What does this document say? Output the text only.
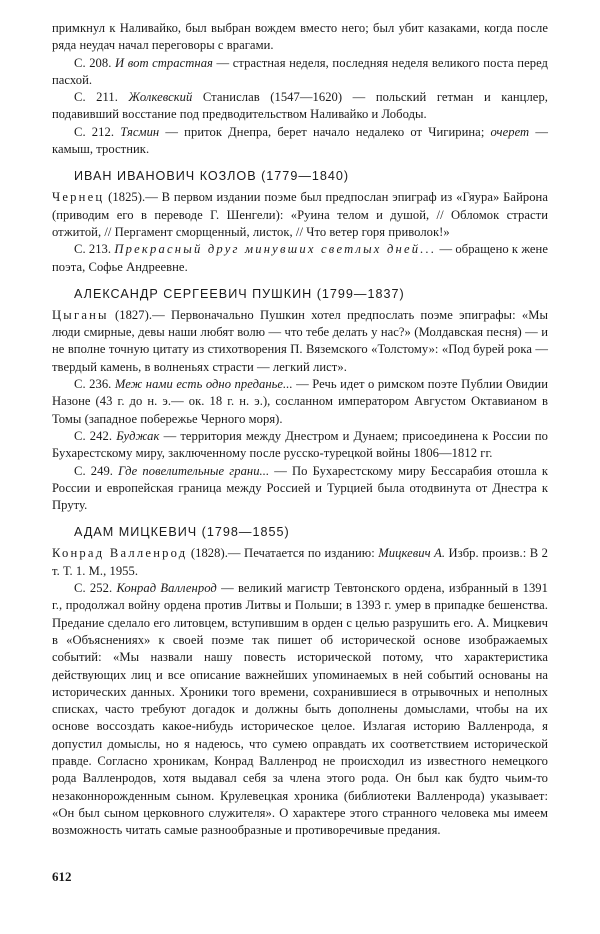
примкнул к Наливайко, был выбран вождем вместо него; был убит казаками, когда после ряда неудач начал переговоры с врагами.

С. 208. И вот страстная — страстная неделя, последняя неделя великого поста перед пасхой.

С. 211. Жолкевский Станислав (1547—1620) — польский гетман и канцлер, подавивший восстание под предводительством Наливайко и Лободы.

С. 212. Тясмин — приток Днепра, берет начало недалеко от Чигирина; очерет — камыш, тростник.

ИВАН ИВАНОВИЧ КОЗЛОВ (1779—1840)

Чернец (1825).— В первом издании поэме был предпослан эпиграф из «Гяура» Байрона (приводим его в переводе Г. Шенгели): «Руина телом и душой, // Обломок страсти отжитой, // Пергамент сморщенный, листок, // Что ветер горя приволок!»

С. 213. Прекрасный друг минувших светлых дней... — обращено к жене поэта, Софье Андреевне.

АЛЕКСАНДР СЕРГЕЕВИЧ ПУШКИН (1799—1837)

Цыганы (1827).— Первоначально Пушкин хотел предпослать поэме эпиграфы: «Мы люди смирные, девы наши любят волю — что тебе делать у нас?» (Молдавская песня) — и не вполне точную цитату из стихотворения П. Вяземского «Толстому»: «Под бурей рока — твердый камень, в волненьях страсти — легкий лист».

С. 236. Меж нами есть одно преданье... — Речь идет о римском поэте Публии Овидии Назоне (43 г. до н. э.— ок. 18 г. н. э.), сосланном императором Августом Октавианом в Томы (западное побережье Черного моря).

С. 242. Буджак — территория между Днестром и Дунаем; присоединена к России по Бухарестскому миру, заключенному после русско-турецкой войны 1806—1812 гг.

С. 249. Где повелительные грани... — По Бухарестскому миру Бессарабия отошла к России и европейская граница между Россией и Турцией была отодвинута от Днестра к Пруту.

АДАМ МИЦКЕВИЧ (1798—1855)

Конрад Валленрод (1828).— Печатается по изданию: Мицкевич А. Избр. произв.: В 2 т. Т. 1. М., 1955.

С. 252. Конрад Валленрод — великий магистр Тевтонского ордена, избранный в 1391 г., продолжал войну ордена против Литвы и Польши; в 1393 г. умер в припадке бешенства. Предание сделало его литовцем, вступившим в орден с целью разрушить его. А. Мицкевич в «Объяснениях» к своей поэме так пишет об исторической основе изображаемых событий: «Мы назвали нашу повесть исторической потому, что характеристика действующих лиц и все описание важнейших упоминаемых в ней событий основаны на исторических данных. Хроники того времени, сохранившиеся в отрывочных и неполных списках, часто требуют догадок и должны быть дополнены домыслами, чтобы на их основе воссоздать какое-нибудь историческое целое. Излагая историю Валленрода, я допустил домыслы, но я надеюсь, что сумею оправдать их соответствием исторической правде. Согласно хроникам, Конрад Валленрод не происходил из известного немецкого рода Валленродов, хотя выдавал себя за члена этого рода. Он был как будто чьим-то незаконнорожденным сыном. Крулевецкая хроника (библиотеки Валленрода) указывает: «Он был сыном церковного служителя». О характере этого странного человека мы имеем возможность читать самые разнообразные и противоречивые предания.

612
